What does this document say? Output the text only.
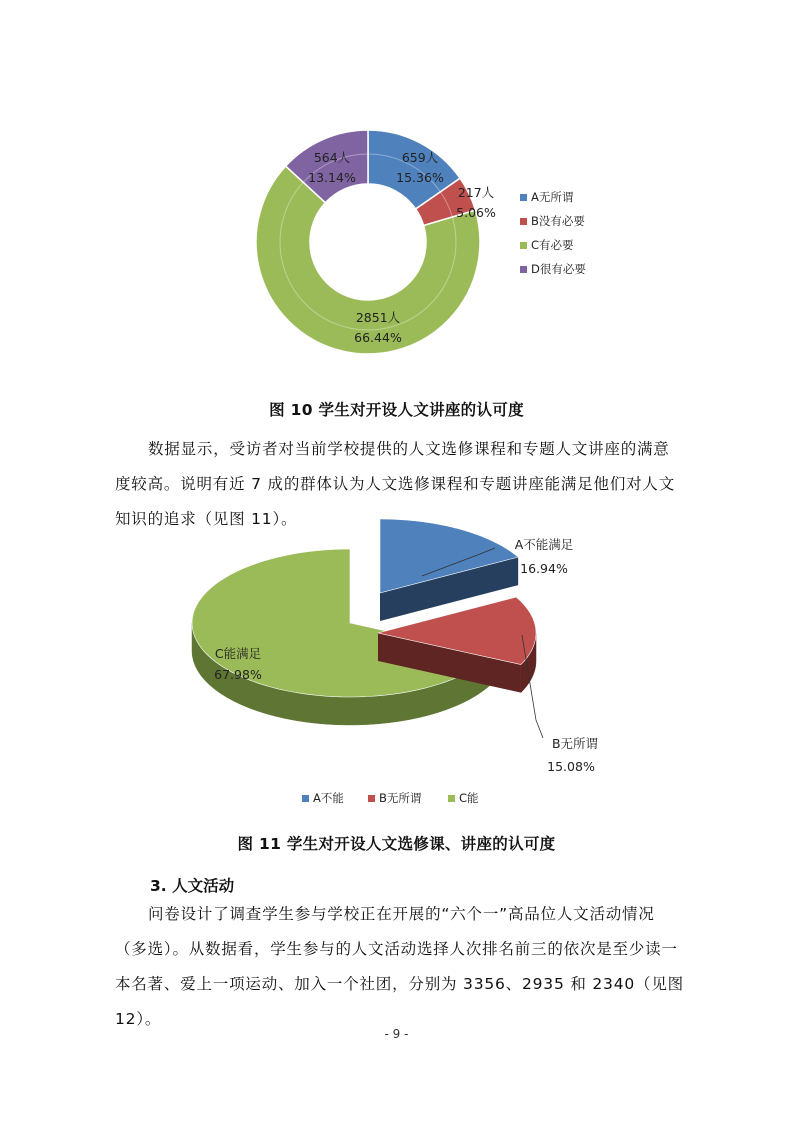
659人
15.36%
217人
5.06%
2851人
66.44%
564人
13.14%
A无所谓
B没有必要
C有必要
D很有必要
图 10 学生对开设人文讲座的认可度

数据显示，受访者对当前学校提供的人文选修课程和专题人文讲座的满意度较高。说明有近 7 成的群体认为人文选修课程和专题讲座能满足他们对人文知识的追求（见图 11）。

A不能满足
16.94%
B无所谓
15.08%
C能满足
67.98%
A不能	B无所谓	C能
图 11 学生对开设人文选修课、讲座的认可度
3. 人文活动

问卷设计了调查学生参与学校正在开展的“六个一”高品位人文活动情况（多选）。从数据看，学生参与的人文活动选择人次排名前三的依次是至少读一本名著、爱上一项运动、加入一个社团，分别为 3356、2935 和 2340（见图 12）。

- 9 -
